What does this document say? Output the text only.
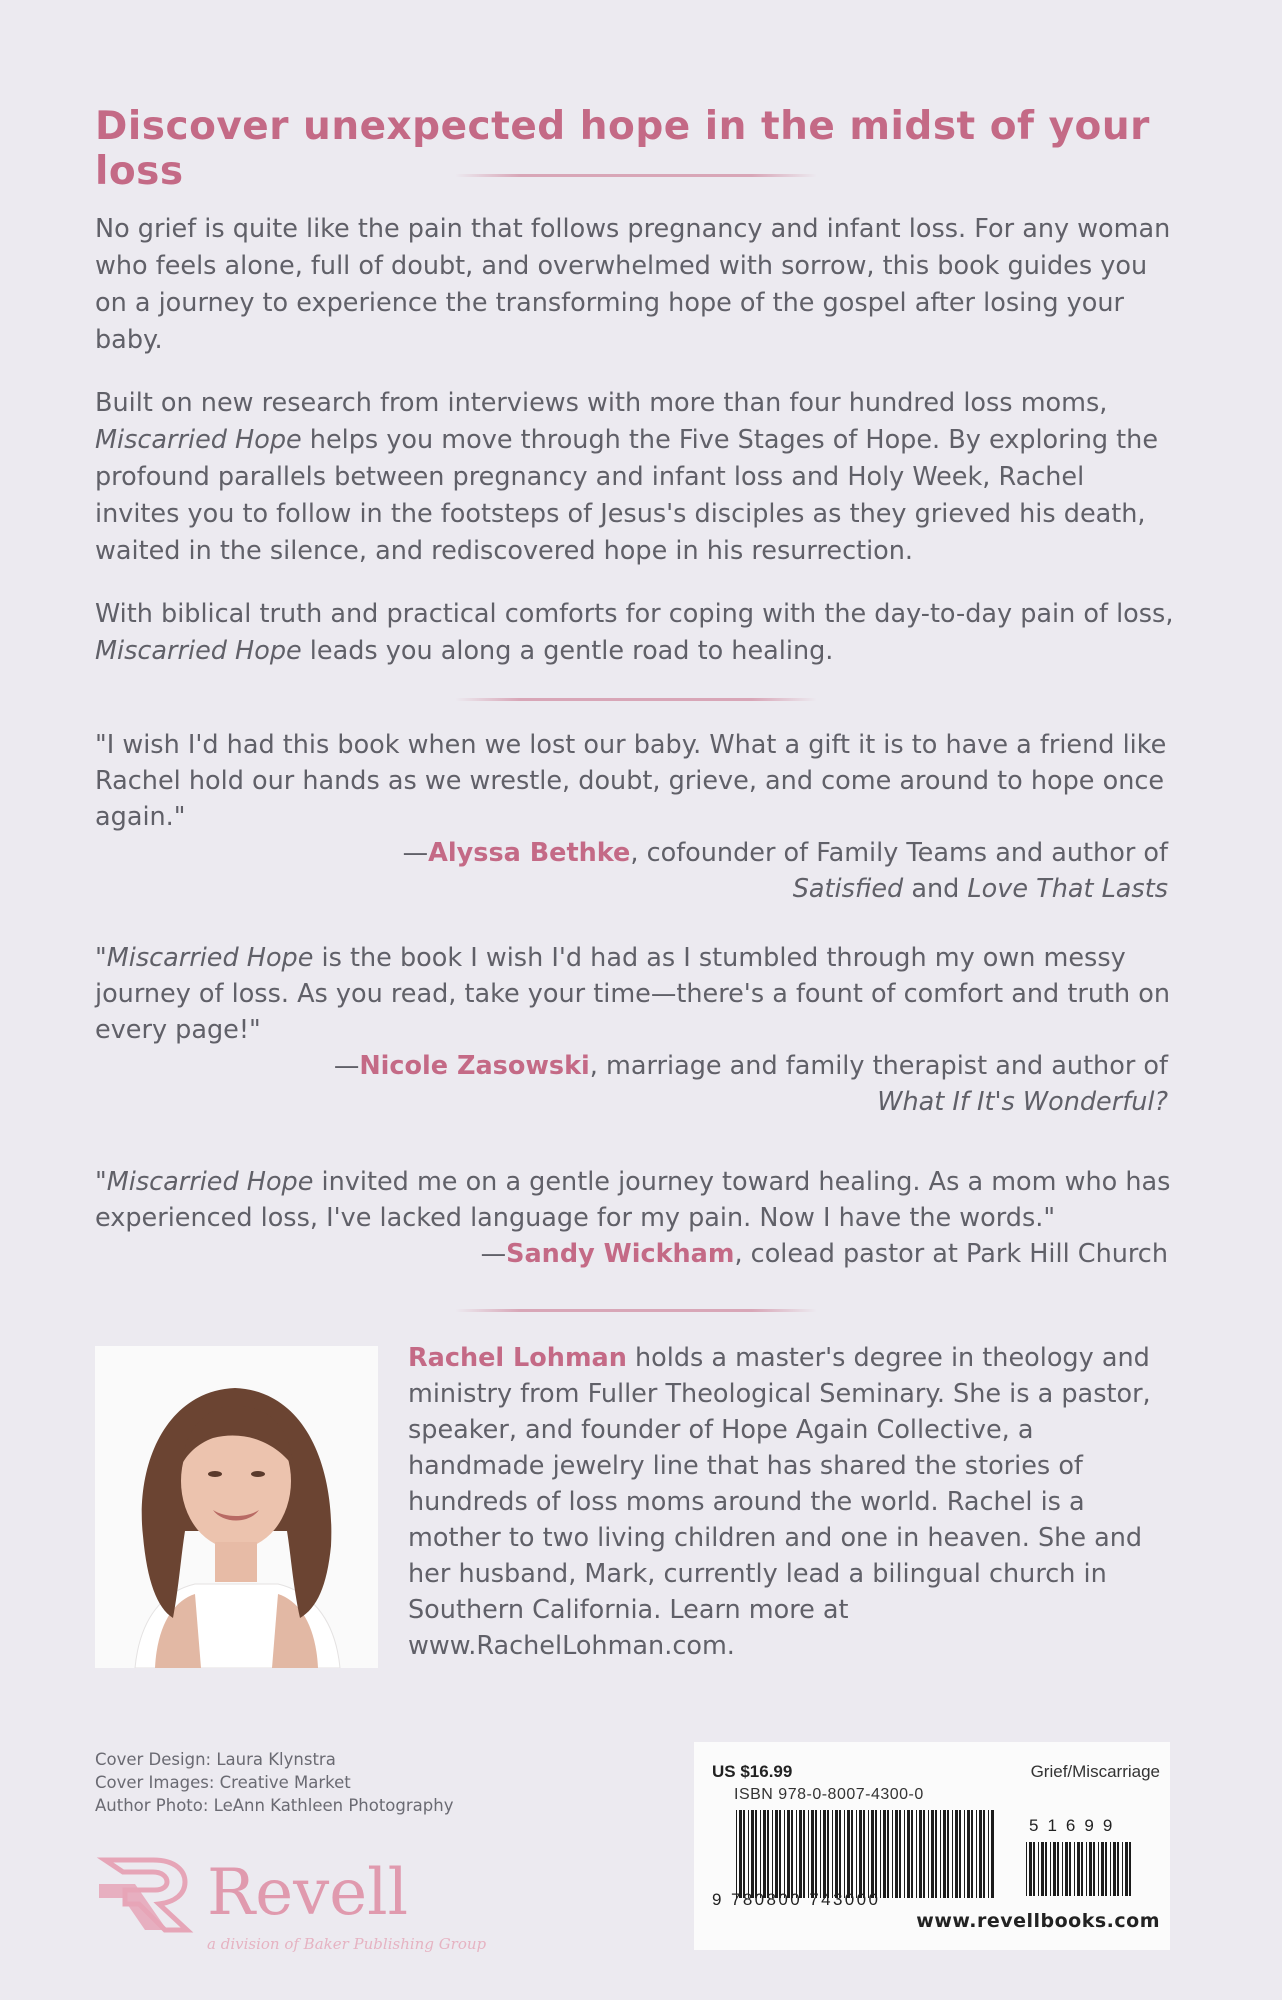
Discover unexpected hope in the midst of your loss

No grief is quite like the pain that follows pregnancy and infant loss. For any woman who feels alone, full of doubt, and overwhelmed with sorrow, this book guides you on a journey to experience the transforming hope of the gospel after losing your baby.

Built on new research from interviews with more than four hundred loss moms, Miscarried Hope helps you move through the Five Stages of Hope. By exploring the profound parallels between pregnancy and infant loss and Holy Week, Rachel invites you to follow in the footsteps of Jesus's disciples as they grieved his death, waited in the silence, and rediscovered hope in his resurrection.

With biblical truth and practical comforts for coping with the day-to-day pain of loss, Miscarried Hope leads you along a gentle road to healing.

"I wish I'd had this book when we lost our baby. What a gift it is to have a friend like Rachel hold our hands as we wrestle, doubt, grieve, and come around to hope once again."

—Alyssa Bethke, cofounder of Family Teams and author of
Satisfied and Love That Lasts

"Miscarried Hope is the book I wish I'd had as I stumbled through my own messy journey of loss. As you read, take your time—there's a fount of comfort and truth on every page!"

—Nicole Zasowski, marriage and family therapist and author of
What If It's Wonderful?

"Miscarried Hope invited me on a gentle journey toward healing. As a mom who has experienced loss, I've lacked language for my pain. Now I have the words."

—Sandy Wickham, colead pastor at Park Hill Church

Rachel Lohman holds a master's degree in theology and ministry from Fuller Theological Seminary. She is a pastor, speaker, and founder of Hope Again Collective, a handmade jewelry line that has shared the stories of hundreds of loss moms around the world. Rachel is a mother to two living children and one in heaven. She and her husband, Mark, currently lead a bilingual church in Southern California. Learn more at www.RachelLohman.com.

Cover Design: Laura Klynstra
Cover Images: Creative Market
Author Photo: LeAnn Kathleen Photography
Revell
a division of Baker Publishing Group
US $16.99	Grief/Miscarriage
ISBN 978-0-8007-4300-0
9 780800 743000
51699
www.revellbooks.com
